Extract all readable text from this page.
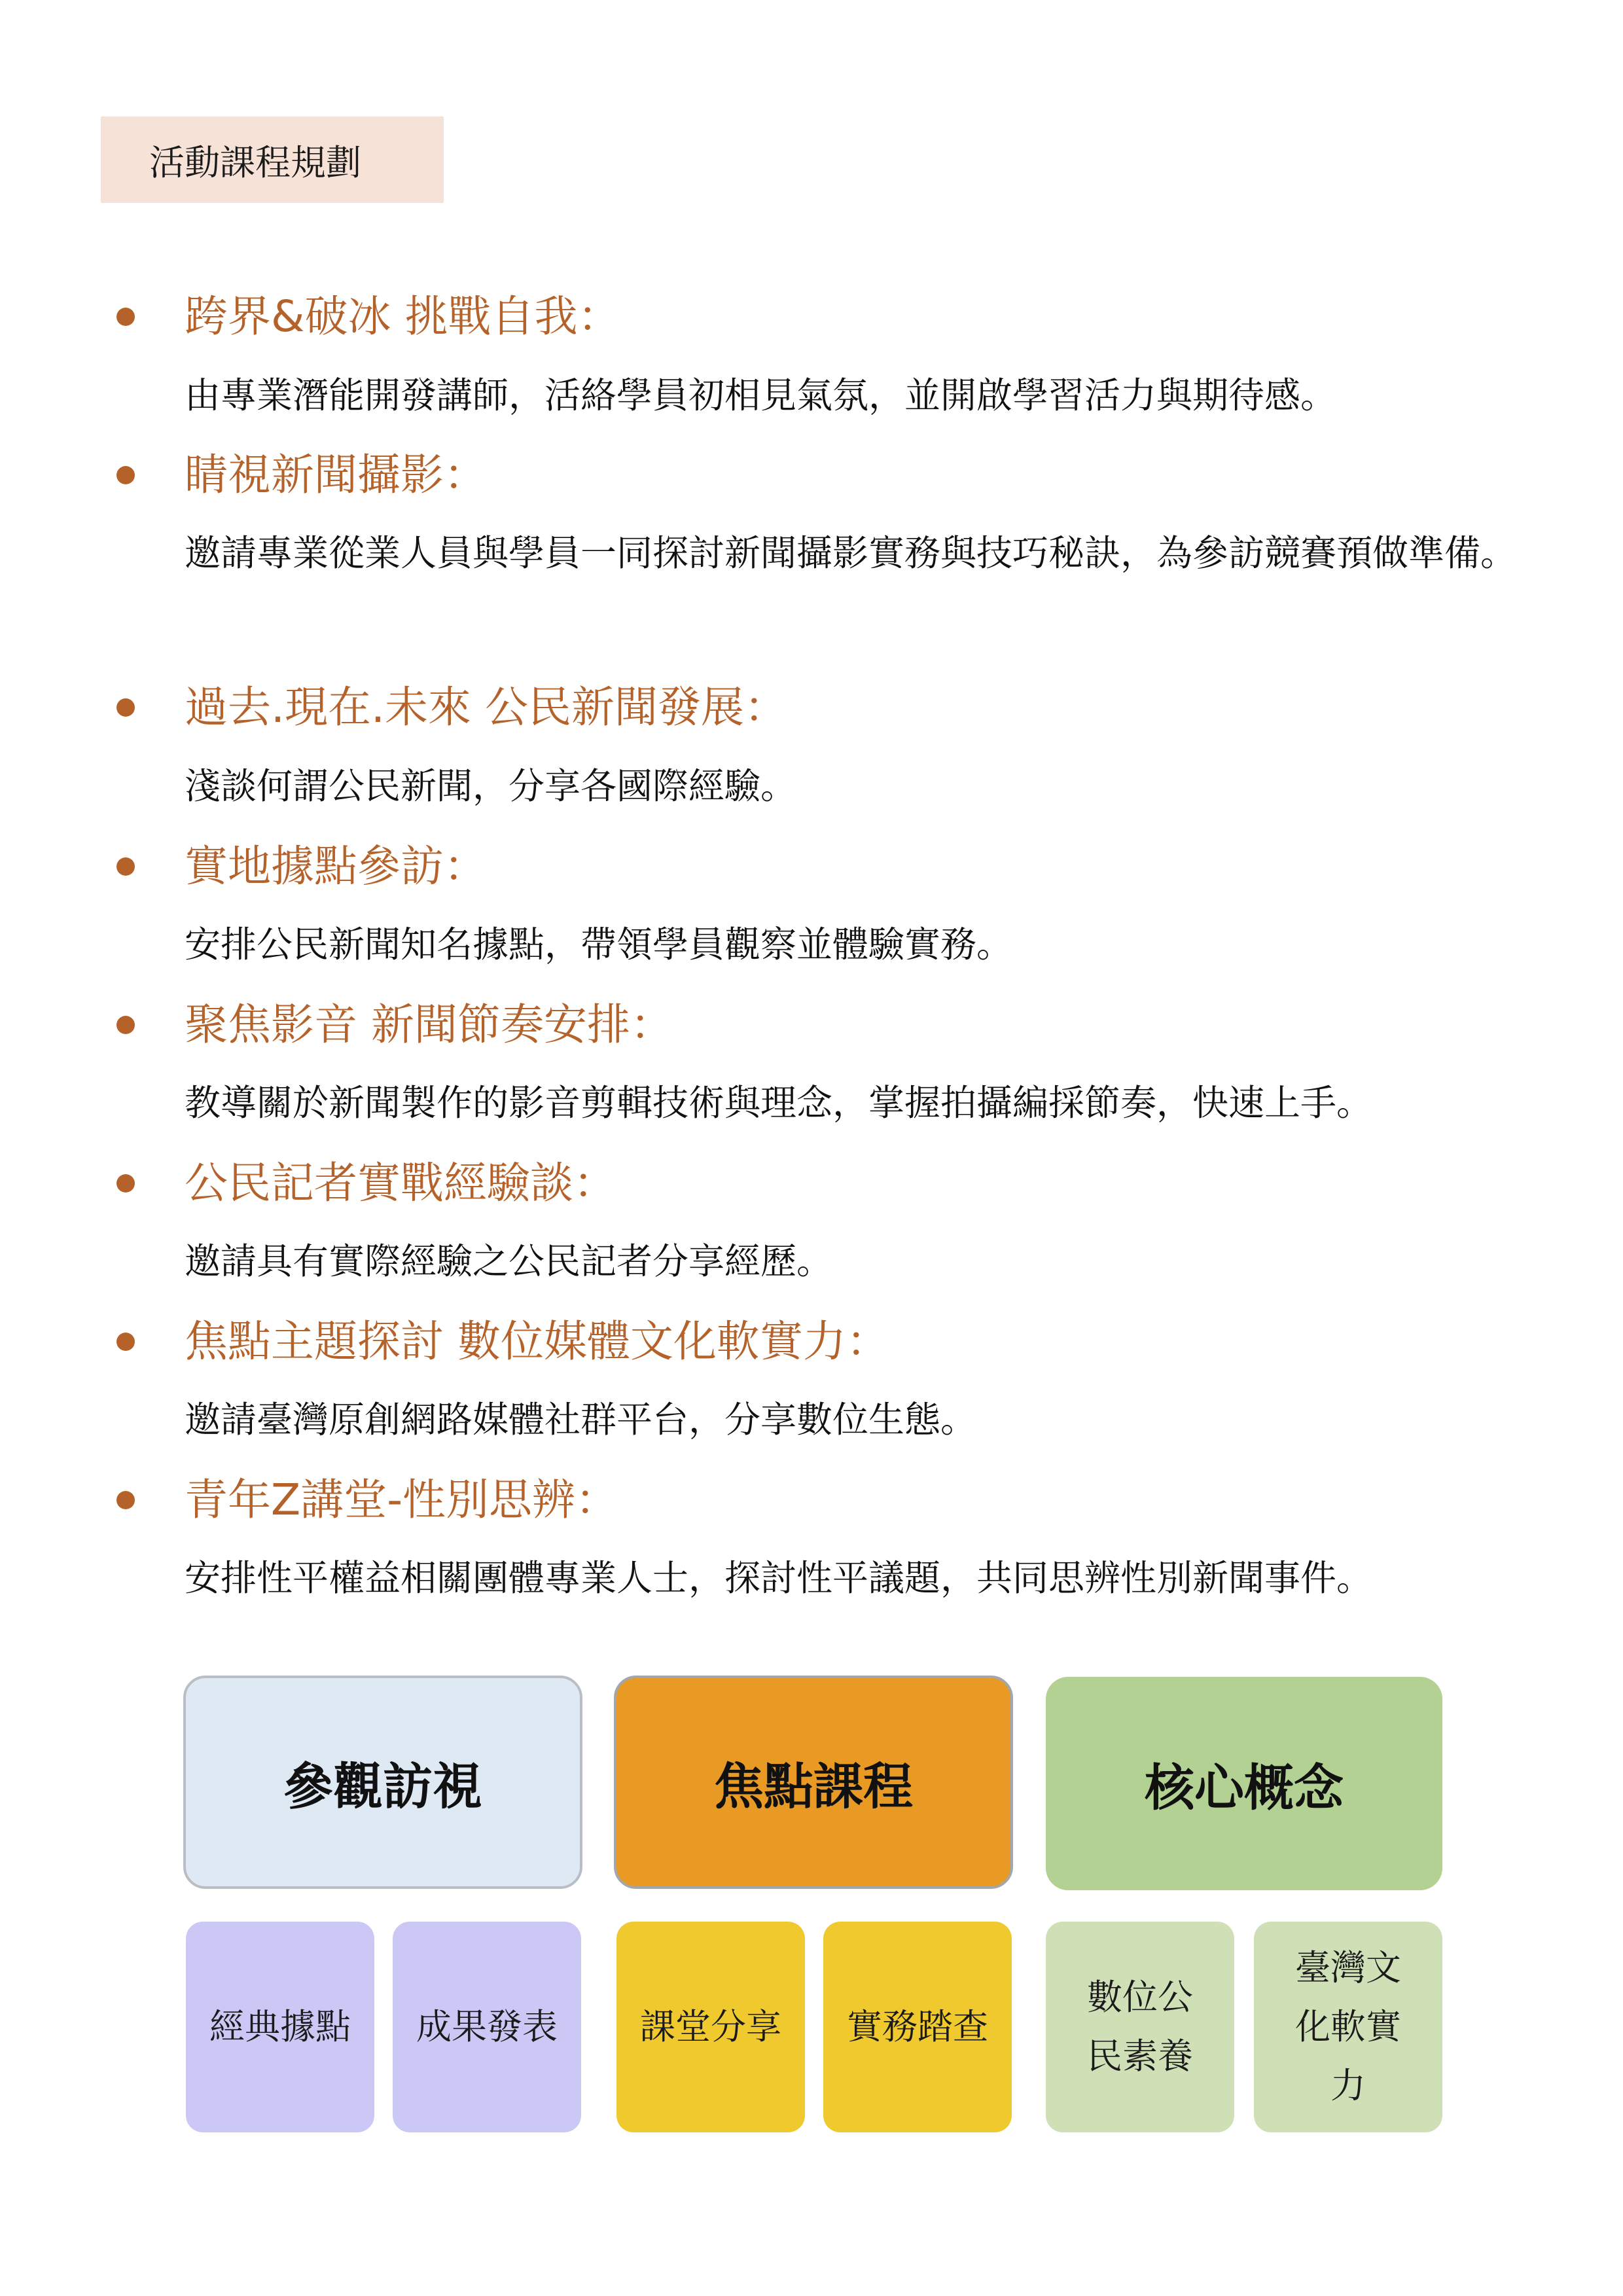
活動課程規劃
跨界&破冰 挑戰自我：
由專業潛能開發講師，活絡學員初相見氣氛，並開啟學習活力與期待感。
睛視新聞攝影：
邀請專業從業人員與學員一同探討新聞攝影實務與技巧秘訣，為參訪競賽預做準備。
過去.現在.未來 公民新聞發展：
淺談何謂公民新聞，分享各國際經驗。
實地據點參訪：
安排公民新聞知名據點，帶領學員觀察並體驗實務。
聚焦影音 新聞節奏安排：
教導關於新聞製作的影音剪輯技術與理念，掌握拍攝編採節奏，快速上手。
公民記者實戰經驗談：
邀請具有實際經驗之公民記者分享經歷。
焦點主題探討 數位媒體文化軟實力：
邀請臺灣原創網路媒體社群平台，分享數位生態。
青年Z講堂-性別思辨：
安排性平權益相關團體專業人士，探討性平議題，共同思辨性別新聞事件。
參觀訪視
經典據點 成果發表
焦點課程
課堂分享 實務踏查
核心概念
數位公民素養
臺灣文化軟實力
